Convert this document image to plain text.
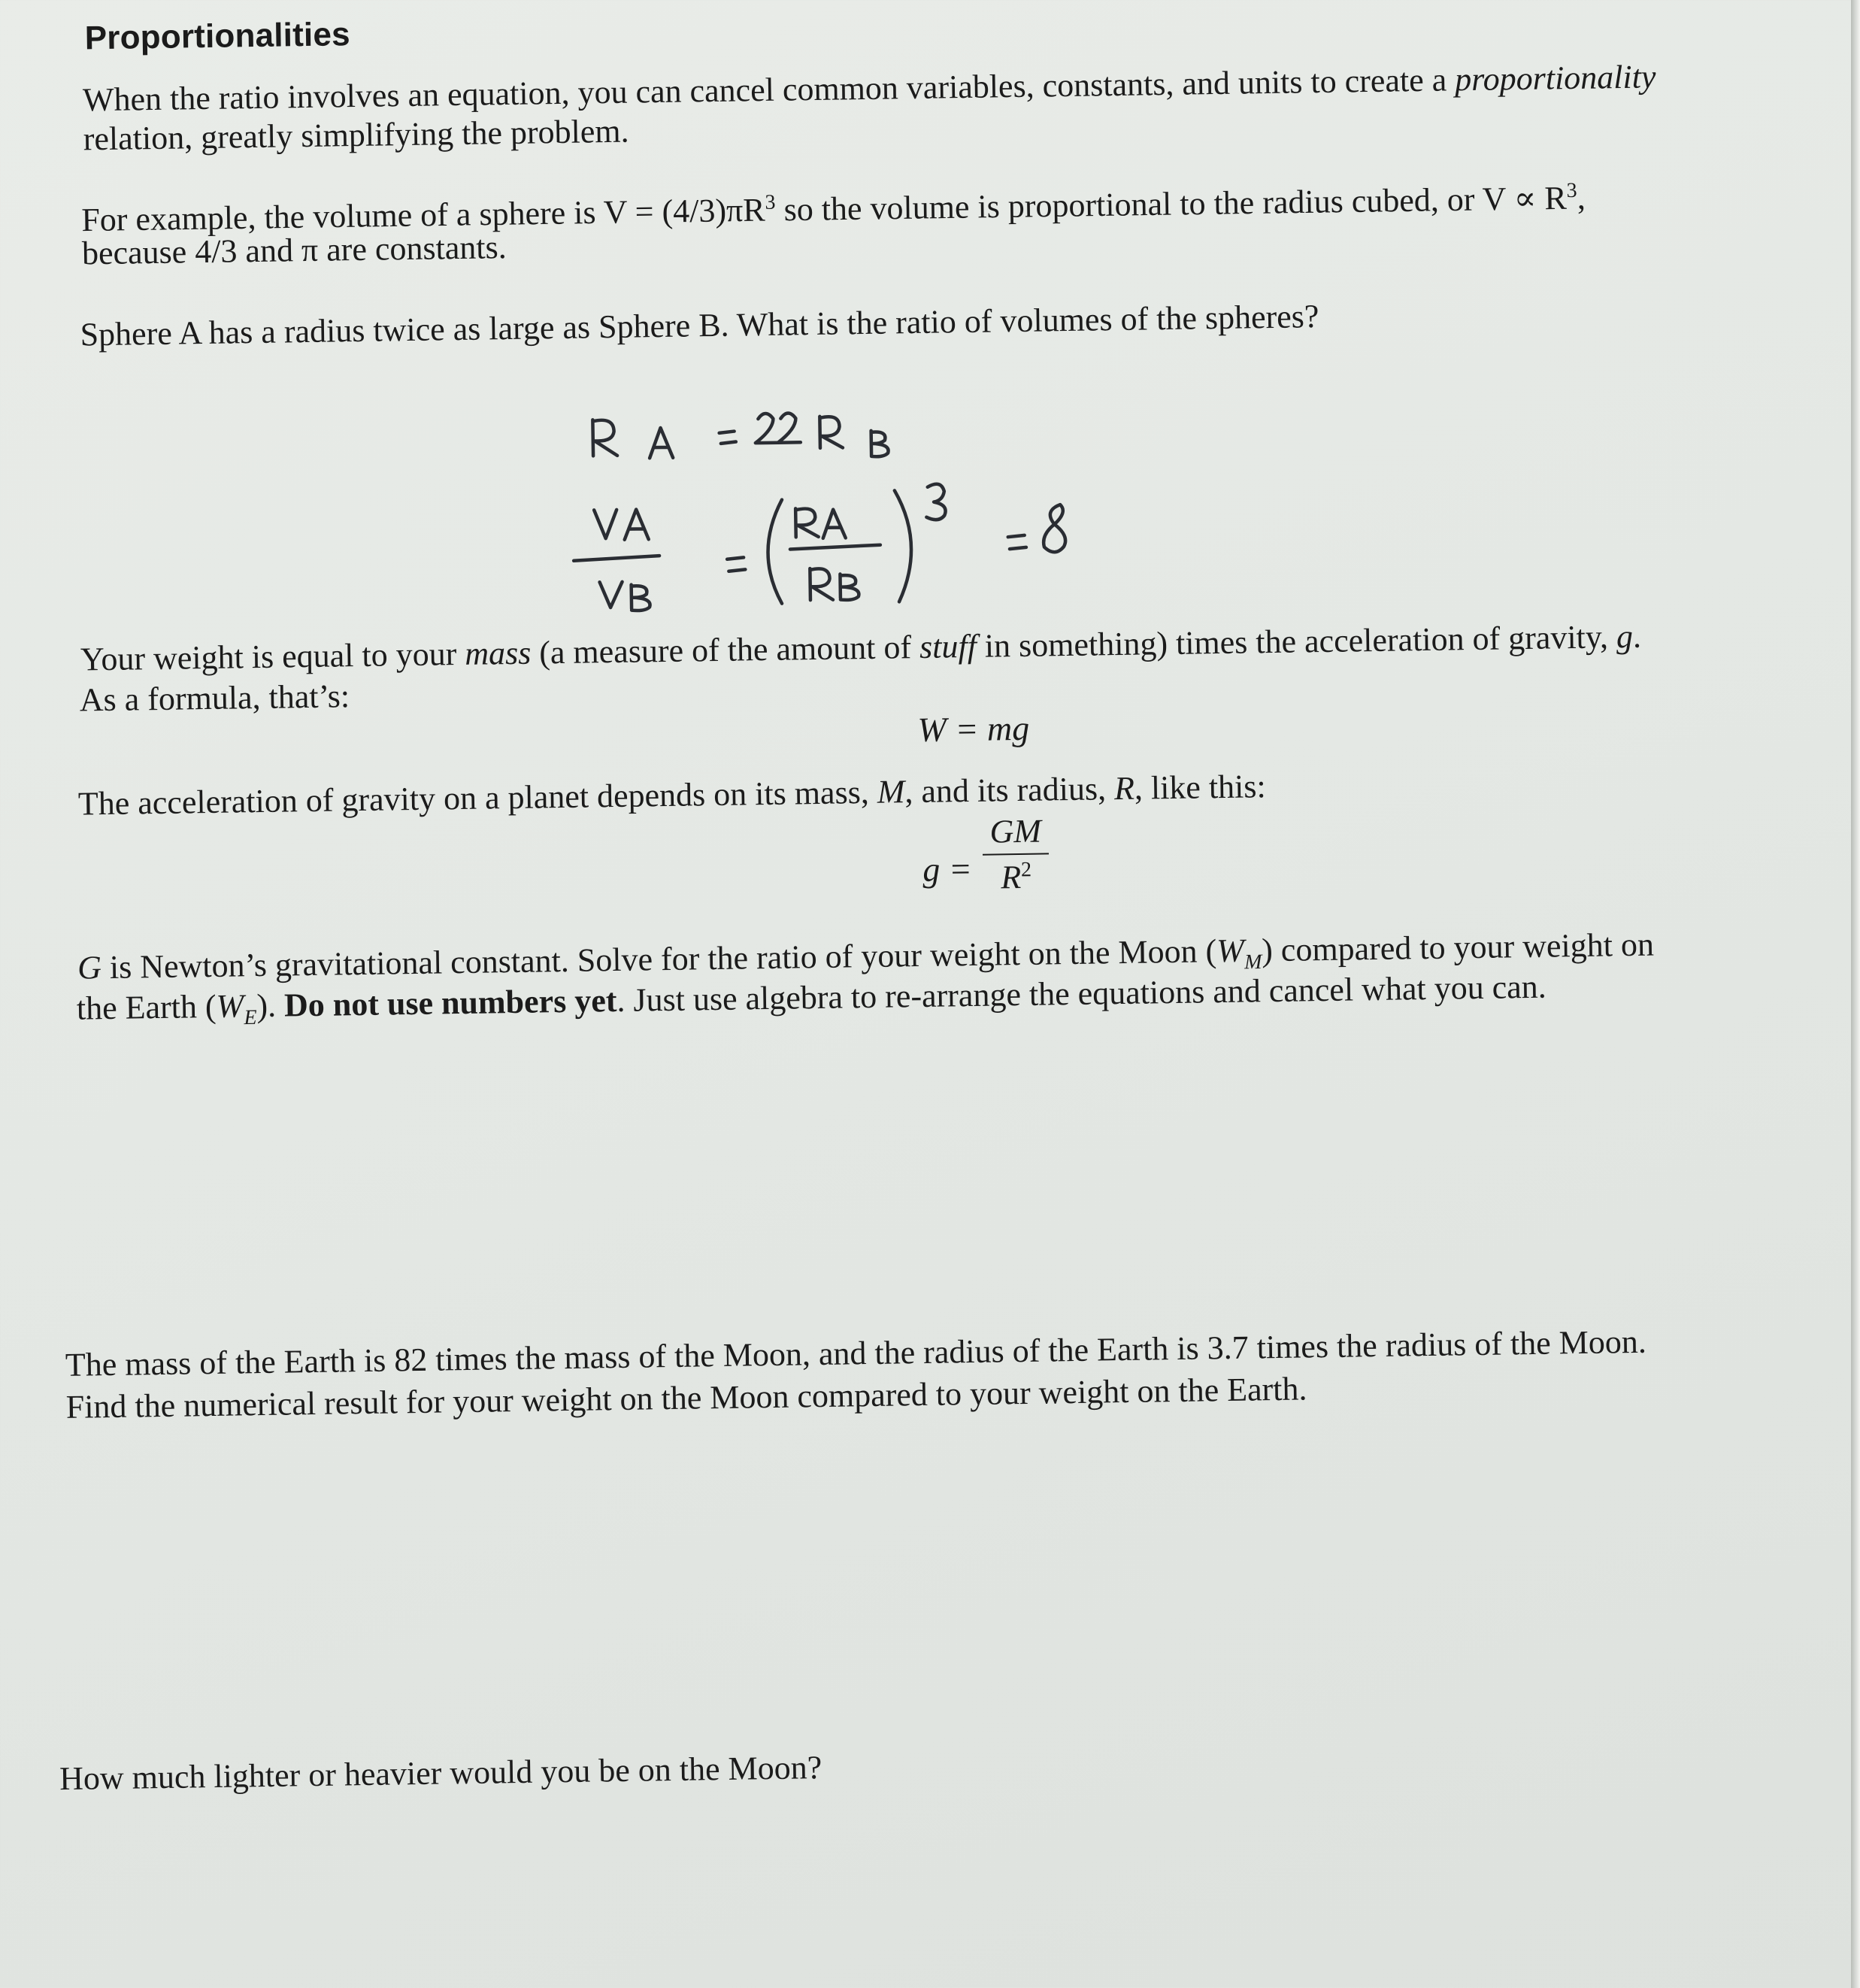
Proportionalities
When the ratio involves an equation, you can cancel common variables, constants, and units to create a proportionality
relation, greatly simplifying the problem.
For example, the volume of a sphere is $V = (4/3)\pi R^3$ so the volume is proportional to the radius cubed, or $V \propto R^3$,
because 4/3 and π are constants.
Sphere A has a radius twice as large as Sphere B. What is the ratio of volumes of the spheres?
Your weight is equal to your mass (a measure of the amount of stuff in something) times the acceleration of gravity, g.
As a formula, that’s:
W = mg
The acceleration of gravity on a planet depends on its mass, M, and its radius, R, like this:
$g = \frac{GM}{R^2}$
G is Newton’s gravitational constant. Solve for the ratio of your weight on the Moon $(W_M)$ compared to your weight on
the Earth $(W_E)$. Do not use numbers yet. Just use algebra to re-arrange the equations and cancel what you can.
The mass of the Earth is 82 times the mass of the Moon, and the radius of the Earth is 3.7 times the radius of the Moon.
Find the numerical result for your weight on the Moon compared to your weight on the Earth.
How much lighter or heavier would you be on the Moon?
